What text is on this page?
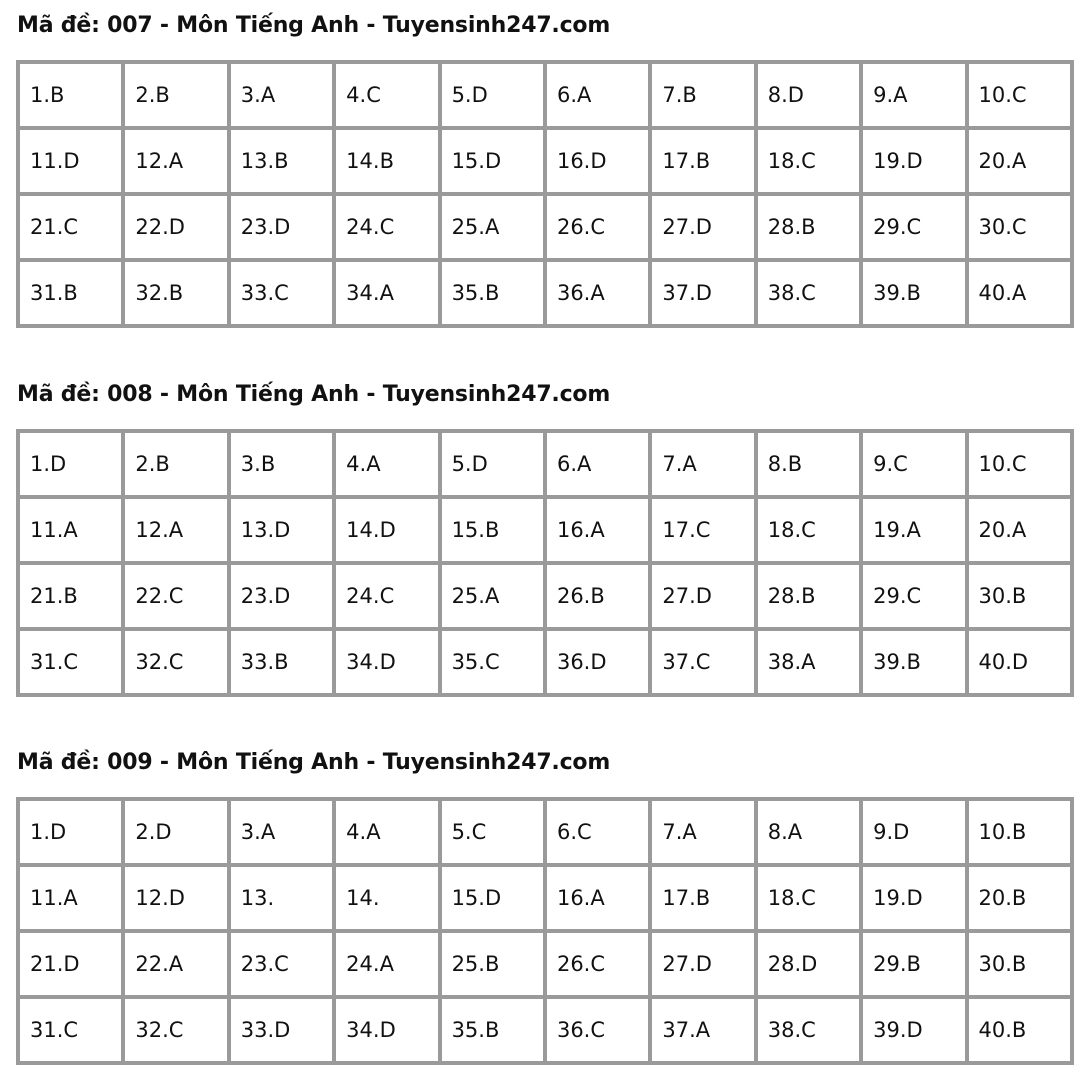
Mã đề: 007 - Môn Tiếng Anh - Tuyensinh247.com
1.B	2.B	3.A	4.C	5.D	6.A	7.B	8.D	9.A	10.C
11.D	12.A	13.B	14.B	15.D	16.D	17.B	18.C	19.D	20.A
21.C	22.D	23.D	24.C	25.A	26.C	27.D	28.B	29.C	30.C
31.B	32.B	33.C	34.A	35.B	36.A	37.D	38.C	39.B	40.A
Mã đề: 008 - Môn Tiếng Anh - Tuyensinh247.com
1.D	2.B	3.B	4.A	5.D	6.A	7.A	8.B	9.C	10.C
11.A	12.A	13.D	14.D	15.B	16.A	17.C	18.C	19.A	20.A
21.B	22.C	23.D	24.C	25.A	26.B	27.D	28.B	29.C	30.B
31.C	32.C	33.B	34.D	35.C	36.D	37.C	38.A	39.B	40.D
Mã đề: 009 - Môn Tiếng Anh - Tuyensinh247.com
1.D	2.D	3.A	4.A	5.C	6.C	7.A	8.A	9.D	10.B
11.A	12.D	13.	14.	15.D	16.A	17.B	18.C	19.D	20.B
21.D	22.A	23.C	24.A	25.B	26.C	27.D	28.D	29.B	30.B
31.C	32.C	33.D	34.D	35.B	36.C	37.A	38.C	39.D	40.B
